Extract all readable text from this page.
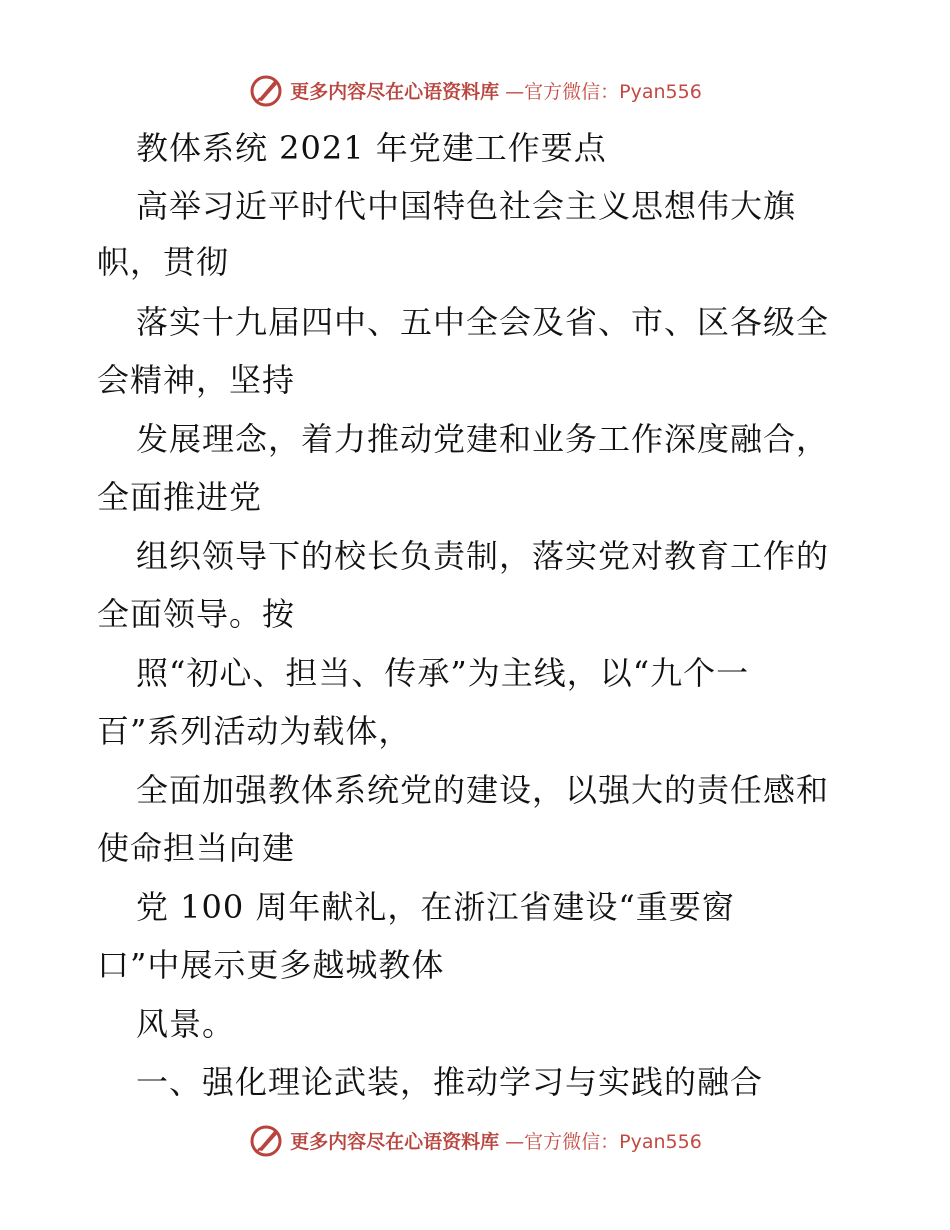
更多内容尽在心语资料库 —官方微信：Pyan556
教体系统 2021 年党建工作要点
高举习近平时代中国特色社会主义思想伟大旗
帜，贯彻
落实十九届四中、五中全会及省、市、区各级全
会精神，坚持
发展理念，着力推动党建和业务工作深度融合，
全面推进党
组织领导下的校长负责制，落实党对教育工作的
全面领导。按
照“初心、担当、传承”为主线，以“九个一
百”系列活动为载体，
全面加强教体系统党的建设，以强大的责任感和
使命担当向建
党 100 周年献礼，在浙江省建设“重要窗
口”中展示更多越城教体
风景。
一、强化理论武装，推动学习与实践的融合
更多内容尽在心语资料库 —官方微信：Pyan556
